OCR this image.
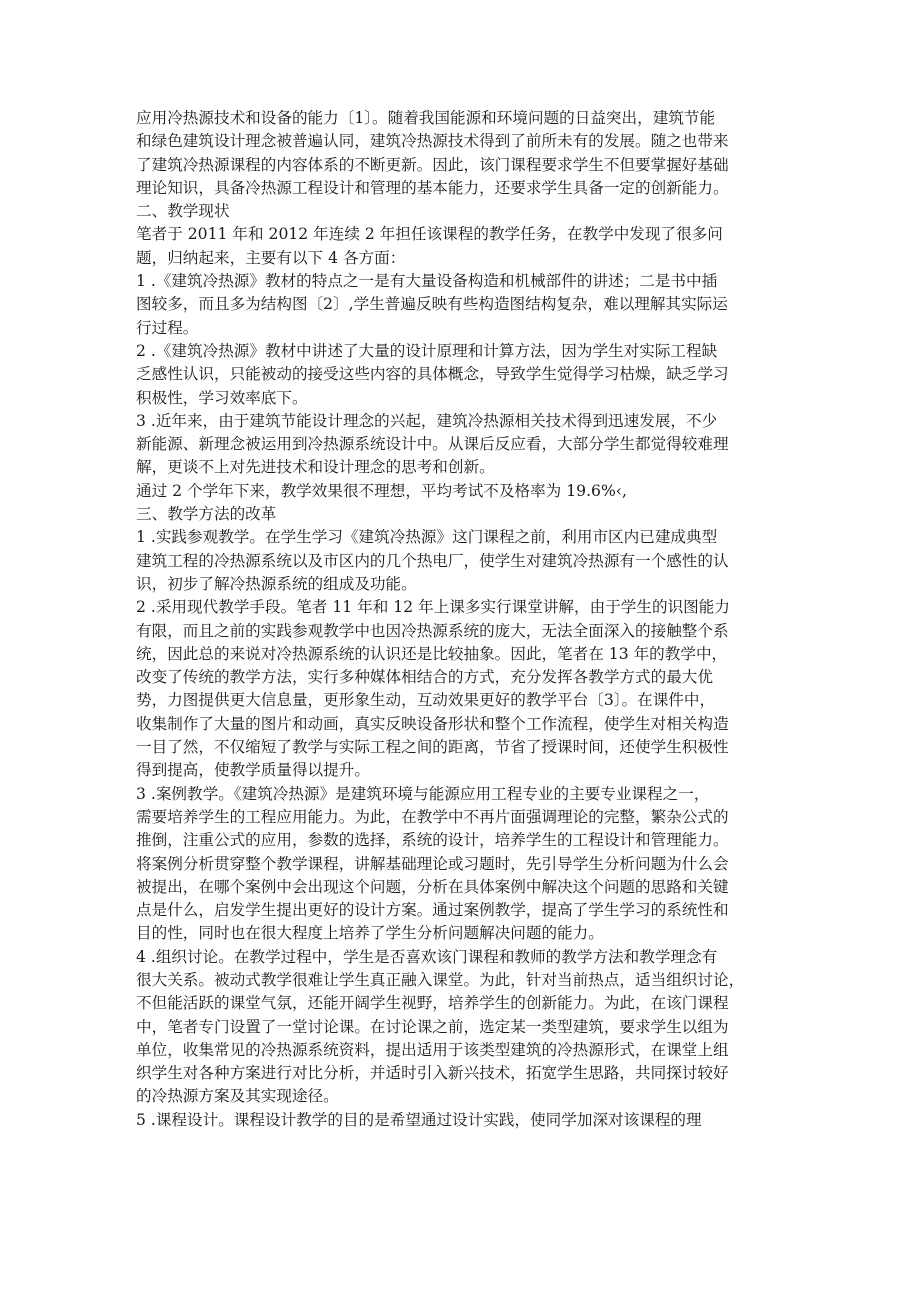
应用冷热源技术和设备的能力〔1〕。随着我国能源和环境问题的日益突出，建筑节能
和绿色建筑设计理念被普遍认同，建筑冷热源技术得到了前所未有的发展。随之也带来
了建筑冷热源课程的内容体系的不断更新。因此，该门课程要求学生不但要掌握好基础
理论知识，具备冷热源工程设计和管理的基本能力，还要求学生具备一定的创新能力。
二、教学现状
笔者于 2011 年和 2012 年连续 2 年担任该课程的教学任务，在教学中发现了很多问
题，归纳起来，主要有以下 4 各方面：
1 .《建筑冷热源》教材的特点之一是有大量设备构造和机械部件的讲述；二是书中插
图较多，而且多为结构图〔2〕,学生普遍反映有些构造图结构复杂，难以理解其实际运
行过程。
2 .《建筑冷热源》教材中讲述了大量的设计原理和计算方法，因为学生对实际工程缺
乏感性认识，只能被动的接受这些内容的具体概念，导致学生觉得学习枯燥，缺乏学习
积极性，学习效率底下。
3 .近年来，由于建筑节能设计理念的兴起，建筑冷热源相关技术得到迅速发展，不少
新能源、新理念被运用到冷热源系统设计中。从课后反应看，大部分学生都觉得较难理
解，更谈不上对先进技术和设计理念的思考和创新。
通过 2 个学年下来，教学效果很不理想，平均考试不及格率为 19.6%‹,
三、教学方法的改革
1 .实践参观教学。在学生学习《建筑冷热源》这门课程之前，利用市区内已建成典型
建筑工程的冷热源系统以及市区内的几个热电厂，使学生对建筑冷热源有一个感性的认
识，初步了解冷热源系统的组成及功能。
2 .采用现代教学手段。笔者 11 年和 12 年上课多实行课堂讲解，由于学生的识图能力
有限，而且之前的实践参观教学中也因冷热源系统的庞大，无法全面深入的接触整个系
统，因此总的来说对冷热源系统的认识还是比较抽象。因此，笔者在 13 年的教学中，
改变了传统的教学方法，实行多种媒体相结合的方式，充分发挥各教学方式的最大优
势，力图提供更大信息量，更形象生动，互动效果更好的教学平台〔3〕。在课件中，
收集制作了大量的图片和动画，真实反映设备形状和整个工作流程，使学生对相关构造
一目了然，不仅缩短了教学与实际工程之间的距离，节省了授课时间，还使学生积极性
得到提高，使教学质量得以提升。
3 .案例教学。《建筑冷热源》是建筑环境与能源应用工程专业的主要专业课程之一，
需要培养学生的工程应用能力。为此，在教学中不再片面强调理论的完整，繁杂公式的
推倒，注重公式的应用，参数的选择，系统的设计，培养学生的工程设计和管理能力。
将案例分析贯穿整个教学课程，讲解基础理论或习题时，先引导学生分析问题为什么会
被提出，在哪个案例中会出现这个问题，分析在具体案例中解决这个问题的思路和关键
点是什么，启发学生提出更好的设计方案。通过案例教学，提高了学生学习的系统性和
目的性，同时也在很大程度上培养了学生分析问题解决问题的能力。
4 .组织讨论。在教学过程中，学生是否喜欢该门课程和教师的教学方法和教学理念有
很大关系。被动式教学很难让学生真正融入课堂。为此，针对当前热点，适当组织讨论，
不但能活跃的课堂气氛，还能开阔学生视野，培养学生的创新能力。为此，在该门课程
中，笔者专门设置了一堂讨论课。在讨论课之前，选定某一类型建筑，要求学生以组为
单位，收集常见的冷热源系统资料，提出适用于该类型建筑的冷热源形式，在课堂上组
织学生对各种方案进行对比分析，并适时引入新兴技术，拓宽学生思路，共同探讨较好
的冷热源方案及其实现途径。
5 .课程设计。课程设计教学的目的是希望通过设计实践，使同学加深对该课程的理
